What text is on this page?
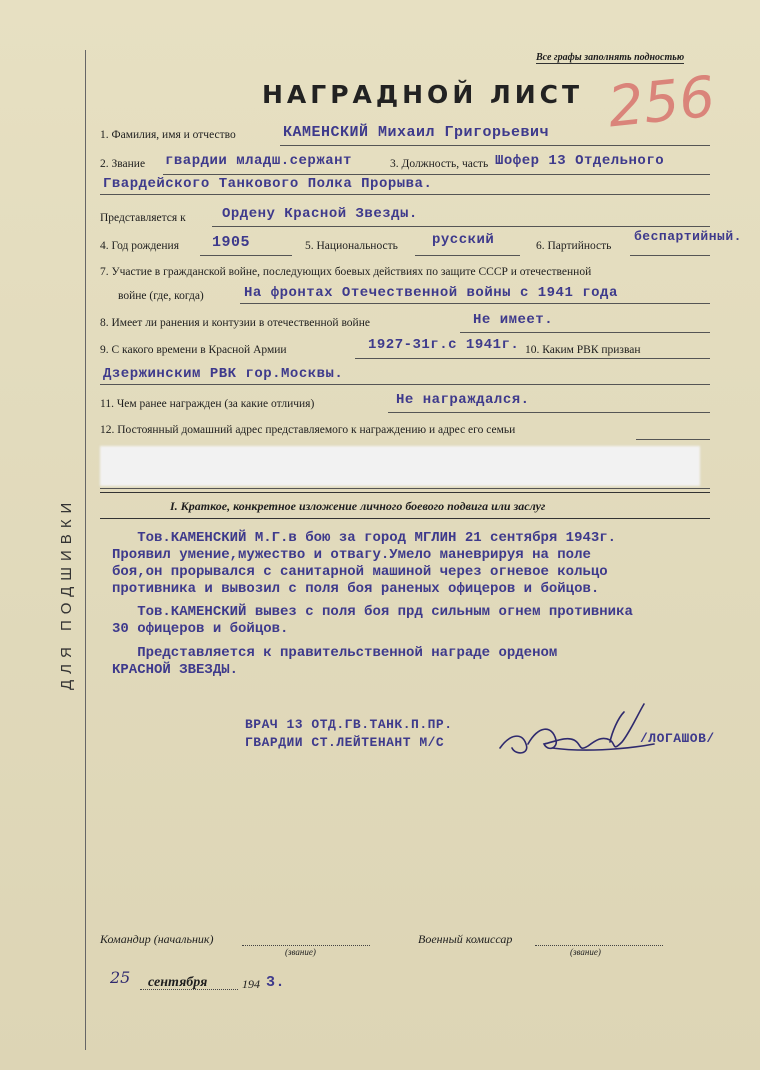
ДЛЯ ПОДШИВКИ
Все графы заполнять подностью
НАГРАДНОЙ ЛИСТ 256
1. Фамилия, имя и отчество	КАМЕНСКИЙ Михаил Григорьевич
2. Звание гвардии младш.сержант	3. Должность, часть Шофер 13 Отдельного
Гвардейского Танкового Полка Прорыва.
Представляется к	Ордену Красной Звезды.
4. Год рождения 1905	5. Национальность русский	6. Партийность
беспартийный.
7. Участие в гражданской войне, последующих боевых действиях по защите СССР и отечественной
войне (где, когда)	На фронтах Отечественной войны с 1941 года
8. Имеет ли ранения и контузии в отечественной войне	Не имеет.
9. С какого времени в Красной Армии	1927-31г.с 1941г. 10. Каким РВК призван
Дзержинским РВК гор.Москвы.
11. Чем ранее награжден (за какие отличия)	Не награждался.
12. Постоянный домашний адрес представляемого к награждению и адрес его семьи
I. Краткое, конкретное изложение личного боевого подвига или заслуг
Тов.КАМЕНСКИЙ М.Г.в бою за город МГЛИН 21 сентября 1943г.
Проявил умение,мужество и отвагу.Умело маневрируя на поле
боя,он прорывался с санитарной машиной через огневое кольцо
противника и вывозил с поля боя раненых офицеров и бойцов.
Тов.КАМЕНСКИЙ вывез с поля боя прд сильным огнем противника
30 офицеров и бойцов.
Представляется к правительственной награде орденом
КРАСНОЙ ЗВЕЗДЫ.
ВРАЧ 13 ОТД.ГВ.ТАНК.П.ПР.
ГВАРДИИ СТ.ЛЕЙТЕНАНТ М/С	/ЛОГАШОВ/
Командир (начальник)
(звание)
Военный комиссар
(звание)
25 сентября	194 3.
